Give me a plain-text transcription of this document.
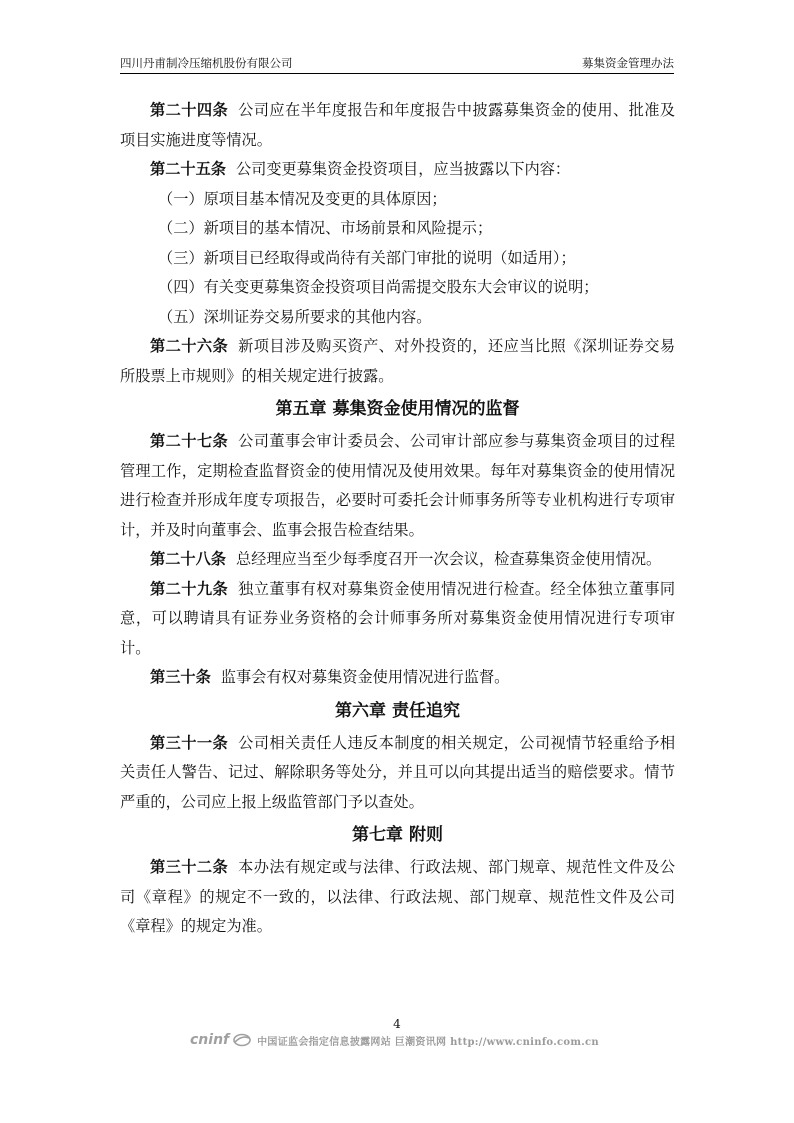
四川丹甫制冷压缩机股份有限公司	募集资金管理办法

第二十四条 公司应在半年度报告和年度报告中披露募集资金的使用、批准及项目实施进度等情况。

第二十五条 公司变更募集资金投资项目，应当披露以下内容：

（一）原项目基本情况及变更的具体原因；

（二）新项目的基本情况、市场前景和风险提示；

（三）新项目已经取得或尚待有关部门审批的说明（如适用）；

（四）有关变更募集资金投资项目尚需提交股东大会审议的说明；

（五）深圳证券交易所要求的其他内容。

第二十六条 新项目涉及购买资产、对外投资的，还应当比照《深圳证券交易所股票上市规则》的相关规定进行披露。

第五章 募集资金使用情况的监督

第二十七条 公司董事会审计委员会、公司审计部应参与募集资金项目的过程管理工作，定期检查监督资金的使用情况及使用效果。每年对募集资金的使用情况进行检查并形成年度专项报告，必要时可委托会计师事务所等专业机构进行专项审计，并及时向董事会、监事会报告检查结果。

第二十八条 总经理应当至少每季度召开一次会议，检查募集资金使用情况。

第二十九条 独立董事有权对募集资金使用情况进行检查。经全体独立董事同意，可以聘请具有证券业务资格的会计师事务所对募集资金使用情况进行专项审计。

第三十条 监事会有权对募集资金使用情况进行监督。

第六章 责任追究

第三十一条 公司相关责任人违反本制度的相关规定，公司视情节轻重给予相关责任人警告、记过、解除职务等处分，并且可以向其提出适当的赔偿要求。情节严重的，公司应上报上级监管部门予以查处。

第七章 附则

第三十二条 本办法有规定或与法律、行政法规、部门规章、规范性文件及公司《章程》的规定不一致的，以法律、行政法规、部门规章、规范性文件及公司《章程》的规定为准。

4
cninf	中国证监会指定信息披露网站 巨潮资讯网 http://www.cninfo.com.cn
